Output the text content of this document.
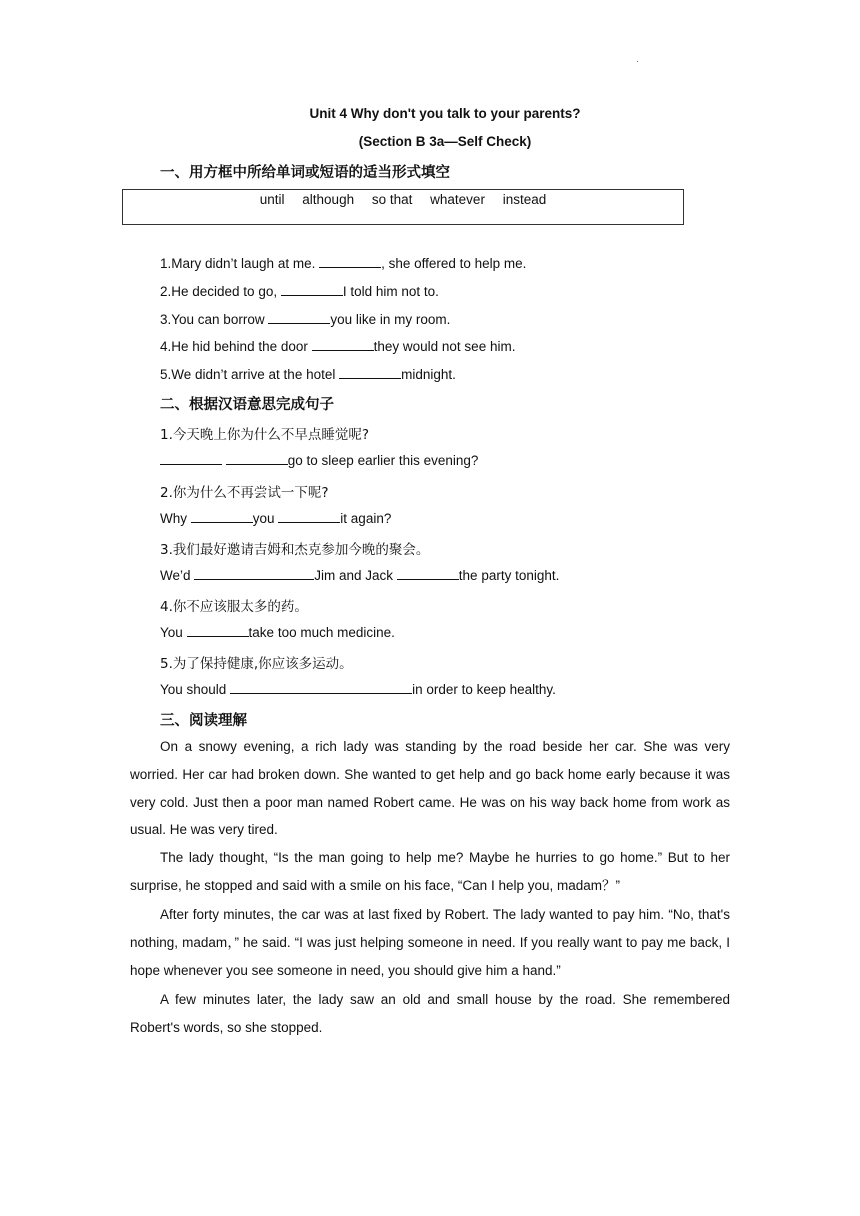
·
Unit 4 Why don't you talk to your parents?
(Section B 3a—Self Check)
一、用方框中所给单词或短语的适当形式填空
until although so that whatever instead
1.Mary didn’t laugh at me.	, she offered to help me.
2.He decided to go,	I told him not to.
3.You can borrow	you like in my room.
4.He hid behind the door	they would not see him.
5.We didn’t arrive at the hotel	midnight.
二、根据汉语意思完成句子
1.今天晚上你为什么不早点睡觉呢?
go to sleep earlier this evening?
2.你为什么不再尝试一下呢?
Why	you	it again?
3.我们最好邀请吉姆和杰克参加今晚的聚会。
We’d	Jim and Jack	the party tonight.
4.你不应该服太多的药。
You	take too much medicine.
5.为了保持健康,你应该多运动。
You should	in order to keep healthy.
三、阅读理解
On a snowy evening, a rich lady was standing by the road beside her car. She was very worried. Her car had broken down. She wanted to get help and go back home early because it was very cold. Just then a poor man named Robert came. He was on his way back home from work as usual. He was very tired.
The lady thought, “Is the man going to help me? Maybe he hurries to go home.” But to her surprise, he stopped and said with a smile on his face, “Can I help you, madam？”
After forty minutes, the car was at last fixed by Robert. The lady wanted to pay him. “No, that's nothing, madam，” he said. “I was just helping someone in need. If you really want to pay me back, I hope whenever you see someone in need, you should give him a hand.”
A few minutes later, the lady saw an old and small house by the road. She remembered Robert's words, so she stopped.
